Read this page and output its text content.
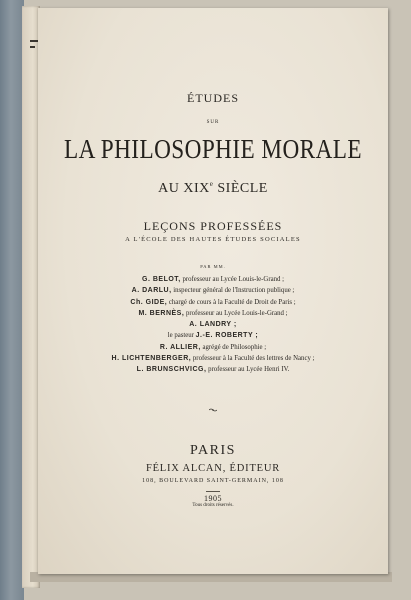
ÉTUDES
SUR
LA PHILOSOPHIE MORALE
AU XIXe SIÈCLE
LEÇONS PROFESSÉES
A L'ÉCOLE DES HAUTES ÉTUDES SOCIALES
PAR MM.
G. BELOT, professeur au Lycée Louis-le-Grand ;
A. DARLU, inspecteur général de l'Instruction publique ;
Ch. GIDE, chargé de cours à la Faculté de Droit de Paris ;
M. BERNÈS, professeur au Lycée Louis-le-Grand ;
A. LANDRY ;
le pasteur J.-E. ROBERTY ;
R. ALLIER, agrégé de Philosophie ;
H. LICHTENBERGER, professeur à la Faculté des lettres de Nancy ;
L. BRUNSCHVICG, professeur au Lycée Henri IV.
PARIS
FÉLIX ALCAN, ÉDITEUR
108, BOULEVARD SAINT-GERMAIN, 108
1905
Tous droits réservés.
